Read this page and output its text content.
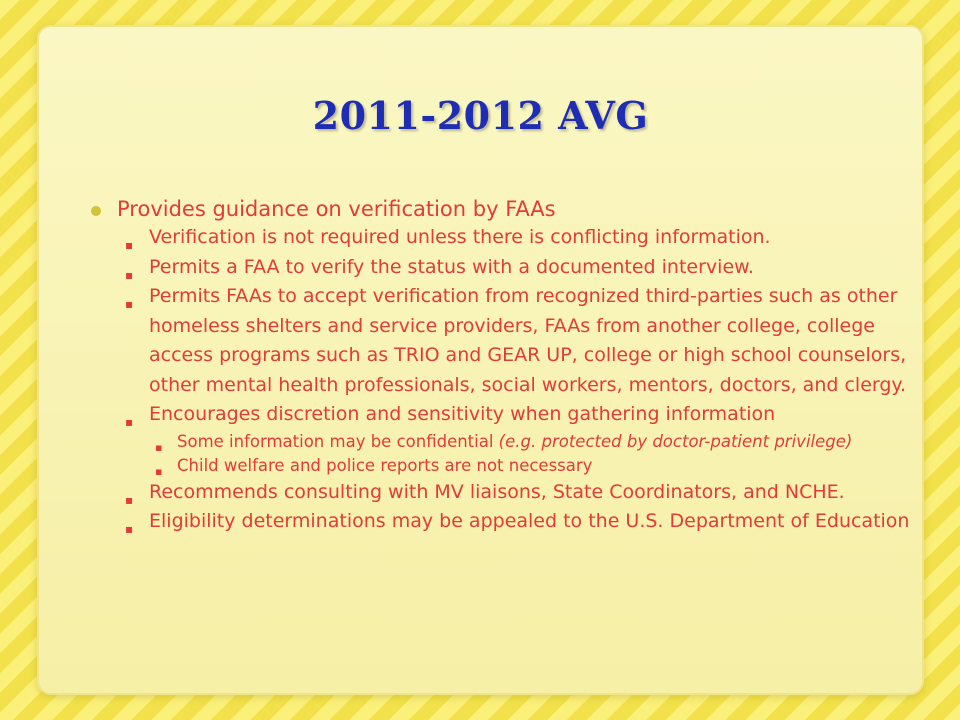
2011-2012 AVG
Provides guidance on verification by FAAs
▪ Verification is not required unless there is conflicting information.
▪ Permits a FAA to verify the status with a documented interview.
▪ Permits FAAs to accept verification from recognized third-parties such as other homeless shelters and service providers, FAAs from another college, college access programs such as TRIO and GEAR UP, college or high school counselors, other mental health professionals, social workers, mentors, doctors, and clergy.
▪ Encourages discretion and sensitivity when gathering information
▪ Some information may be confidential (e.g. protected by doctor-patient privilege)
▪ Child welfare and police reports are not necessary
▪ Recommends consulting with MV liaisons, State Coordinators, and NCHE.
▪ Eligibility determinations may be appealed to the U.S. Department of Education
